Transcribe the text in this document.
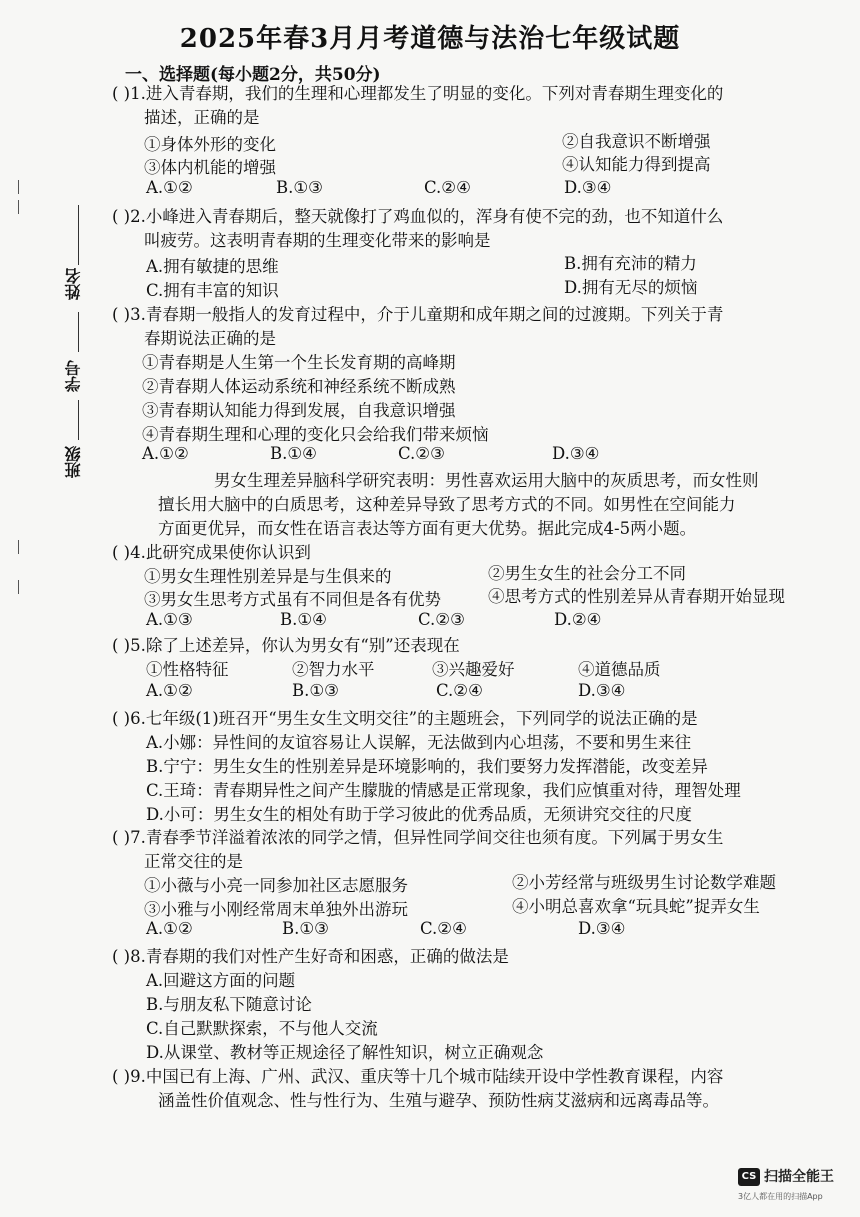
2025年春3月月考道德与法治七年级试题
一、选择题(每小题2分，共50分)
姓名
学号
班级
( )1.进入青春期，我们的生理和心理都发生了明显的变化。下列对青春期生理变化的
描述，正确的是
①身体外形的变化	②自我意识不断增强
③体内机能的增强	④认知能力得到提高
A.①②	B.①③	C.②④	D.③④
( )2.小峰进入青春期后，整天就像打了鸡血似的，浑身有使不完的劲，也不知道什么
叫疲劳。这表明青春期的生理变化带来的影响是
A.拥有敏捷的思维	B.拥有充沛的精力
C.拥有丰富的知识	D.拥有无尽的烦恼
( )3.青春期一般指人的发育过程中，介于儿童期和成年期之间的过渡期。下列关于青
春期说法正确的是
①青春期是人生第一个生长发育期的高峰期
②青春期人体运动系统和神经系统不断成熟
③青春期认知能力得到发展，自我意识增强
④青春期生理和心理的变化只会给我们带来烦恼
A.①②	B.①④	C.②③	D.③④
男女生理差异脑科学研究表明：男性喜欢运用大脑中的灰质思考，而女性则
擅长用大脑中的白质思考，这种差异导致了思考方式的不同。如男性在空间能力
方面更优异，而女性在语言表达等方面有更大优势。据此完成4-5两小题。
( )4.此研究成果使你认识到
①男女生理性别差异是与生俱来的	②男生女生的社会分工不同
③男女生思考方式虽有不同但是各有优势	④思考方式的性别差异从青春期开始显现
A.①③	B.①④	C.②③	D.②④
( )5.除了上述差异，你认为男女有“别”还表现在
①性格特征	②智力水平	③兴趣爱好	④道德品质
A.①②	B.①③	C.②④	D.③④
( )6.七年级(1)班召开“男生女生文明交往”的主题班会，下列同学的说法正确的是
A.小娜：异性间的友谊容易让人误解，无法做到内心坦荡，不要和男生来往
B.宁宁：男生女生的性别差异是环境影响的，我们要努力发挥潜能，改变差异
C.王琦：青春期异性之间产生朦胧的情感是正常现象，我们应慎重对待，理智处理
D.小可：男生女生的相处有助于学习彼此的优秀品质，无须讲究交往的尺度
( )7.青春季节洋溢着浓浓的同学之情，但异性同学间交往也须有度。下列属于男女生
正常交往的是
①小薇与小亮一同参加社区志愿服务	②小芳经常与班级男生讨论数学难题
③小雅与小刚经常周末单独外出游玩	④小明总喜欢拿“玩具蛇”捉弄女生
A.①②	B.①③	C.②④	D.③④
( )8.青春期的我们对性产生好奇和困惑，正确的做法是
A.回避这方面的问题
B.与朋友私下随意讨论
C.自己默默探索，不与他人交流
D.从课堂、教材等正规途径了解性知识，树立正确观念
( )9.中国已有上海、广州、武汉、重庆等十几个城市陆续开设中学性教育课程，内容
涵盖性价值观念、性与性行为、生殖与避孕、预防性病艾滋病和远离毒品等。
CS 扫描全能王
3亿人都在用的扫描App
